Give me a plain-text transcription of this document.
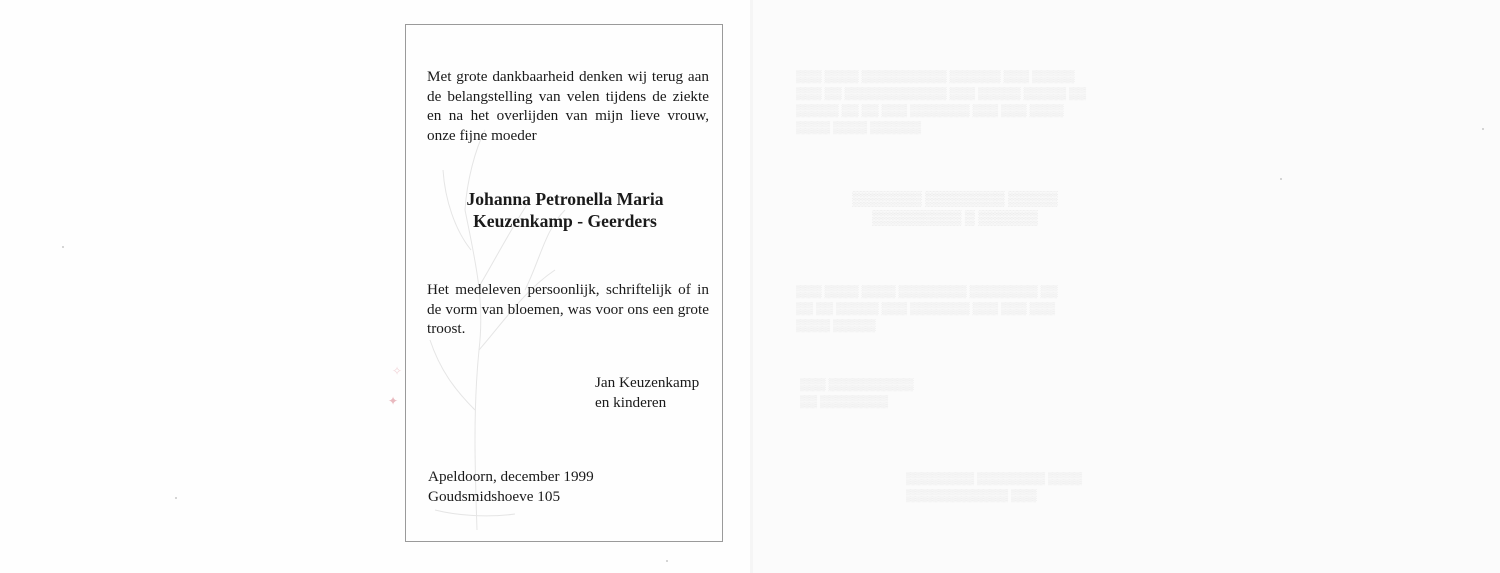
▒▒▒ ▒▒▒▒ ▒▒▒▒▒▒▒▒▒▒ ▒▒▒▒▒▒ ▒▒▒ ▒▒▒▒▒
▒▒▒ ▒▒ ▒▒▒▒▒▒▒▒▒▒▒▒ ▒▒▒ ▒▒▒▒▒ ▒▒▒▒▒ ▒▒
▒▒▒▒▒ ▒▒ ▒▒ ▒▒▒ ▒▒▒▒▒▒▒ ▒▒▒ ▒▒▒ ▒▒▒▒
▒▒▒▒ ▒▒▒▒ ▒▒▒▒▒▒
▒▒▒▒▒▒▒ ▒▒▒▒▒▒▒▒ ▒▒▒▒▒
▒▒▒▒▒▒▒▒▒ ▒ ▒▒▒▒▒▒
▒▒▒ ▒▒▒▒ ▒▒▒▒ ▒▒▒▒▒▒▒▒ ▒▒▒▒▒▒▒▒ ▒▒
▒▒ ▒▒ ▒▒▒▒▒ ▒▒▒ ▒▒▒▒▒▒▒ ▒▒▒ ▒▒▒ ▒▒▒
▒▒▒▒ ▒▒▒▒▒
▒▒▒ ▒▒▒▒▒▒▒▒▒▒
▒▒ ▒▒▒▒▒▒▒▒
▒▒▒▒▒▒▒▒ ▒▒▒▒▒▒▒▒ ▒▒▒▒
▒▒▒▒▒▒▒▒▒▒▒▒ ▒▒▒
✦
✧
Met grote dankbaarheid denken wij terug aan de belangstelling van velen tijdens de ziekte en na het overlijden van mijn lieve vrouw, onze fijne moeder
Johanna Petronella Maria
Keuzenkamp - Geerders
Het medeleven persoonlijk, schriftelijk of in de vorm van bloemen, was voor ons een grote troost.
Jan Keuzenkamp
en kinderen
Apeldoorn, december 1999
Goudsmidshoeve 105
